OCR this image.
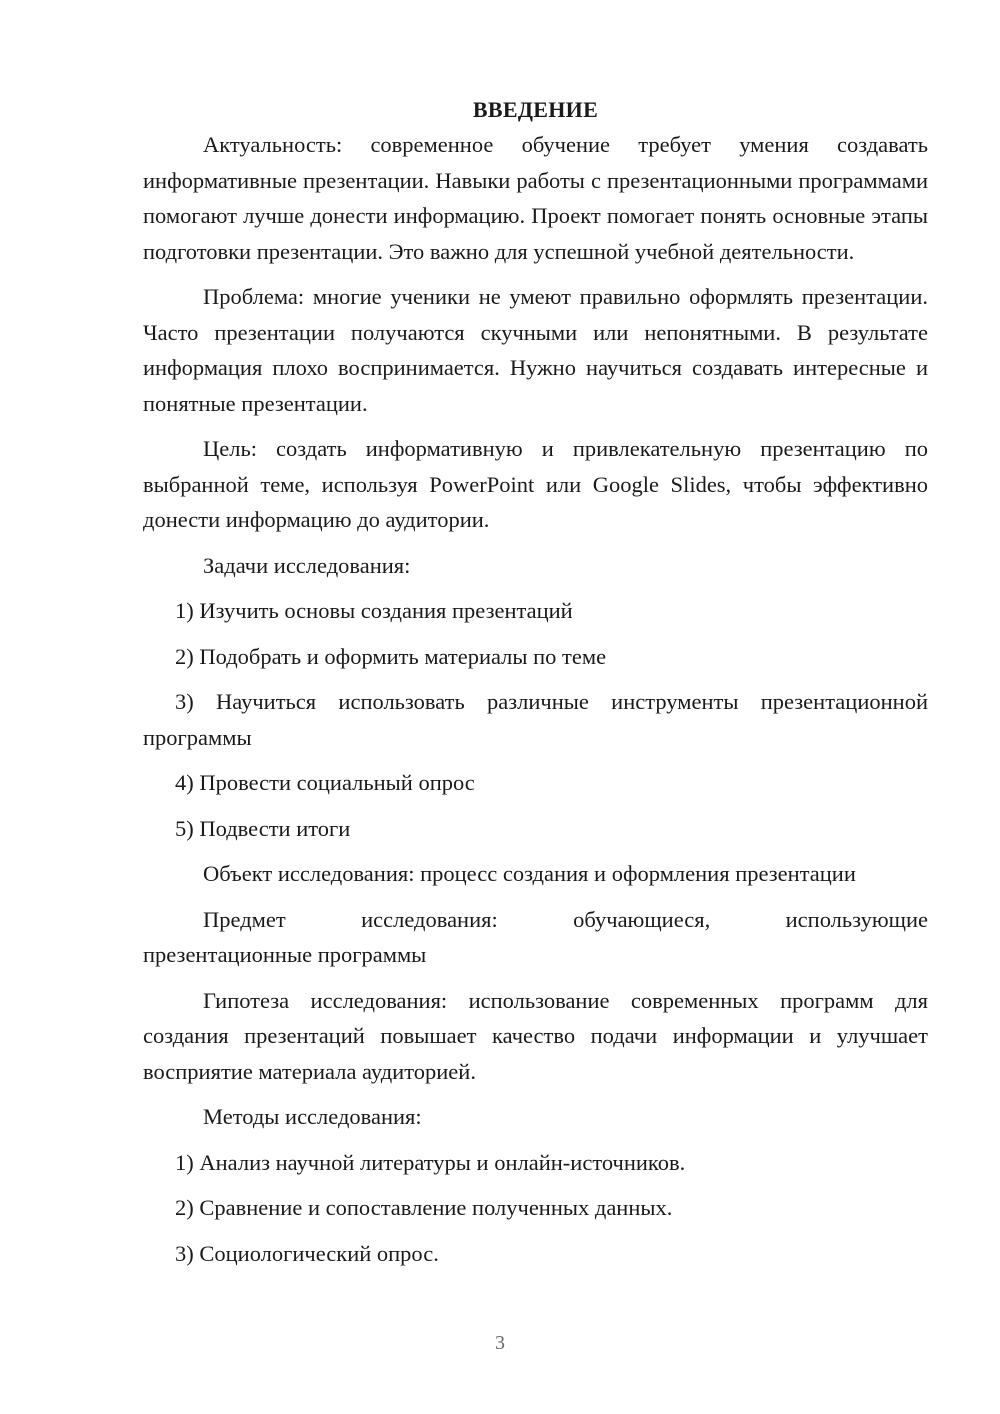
ВВЕДЕНИЕ

Актуальность: современное обучение требует умения создавать информативные презентации. Навыки работы с презентационными программами помогают лучше донести информацию. Проект помогает понять основные этапы подготовки презентации. Это важно для успешной учебной деятельности.

Проблема: многие ученики не умеют правильно оформлять презентации. Часто презентации получаются скучными или непонятными. В результате информация плохо воспринимается. Нужно научиться создавать интересные и понятные презентации.

Цель: создать информативную и привлекательную презентацию по выбранной теме, используя PowerPoint или Google Slides, чтобы эффективно донести информацию до аудитории.

Задачи исследования:

1) Изучить основы создания презентаций

2) Подобрать и оформить материалы по теме

3) Научиться использовать различные инструменты презентационной программы

4) Провести социальный опрос

5) Подвести итоги

Объект исследования: процесс создания и оформления презентации

Предмет	исследования:	обучающиеся,	использующие
презентационные программы

Гипотеза исследования: использование современных программ для создания презентаций повышает качество подачи информации и улучшает восприятие материала аудиторией.

Методы исследования:

1) Анализ научной литературы и онлайн-источников.

2) Сравнение и сопоставление полученных данных.

3) Социологический опрос.

3
